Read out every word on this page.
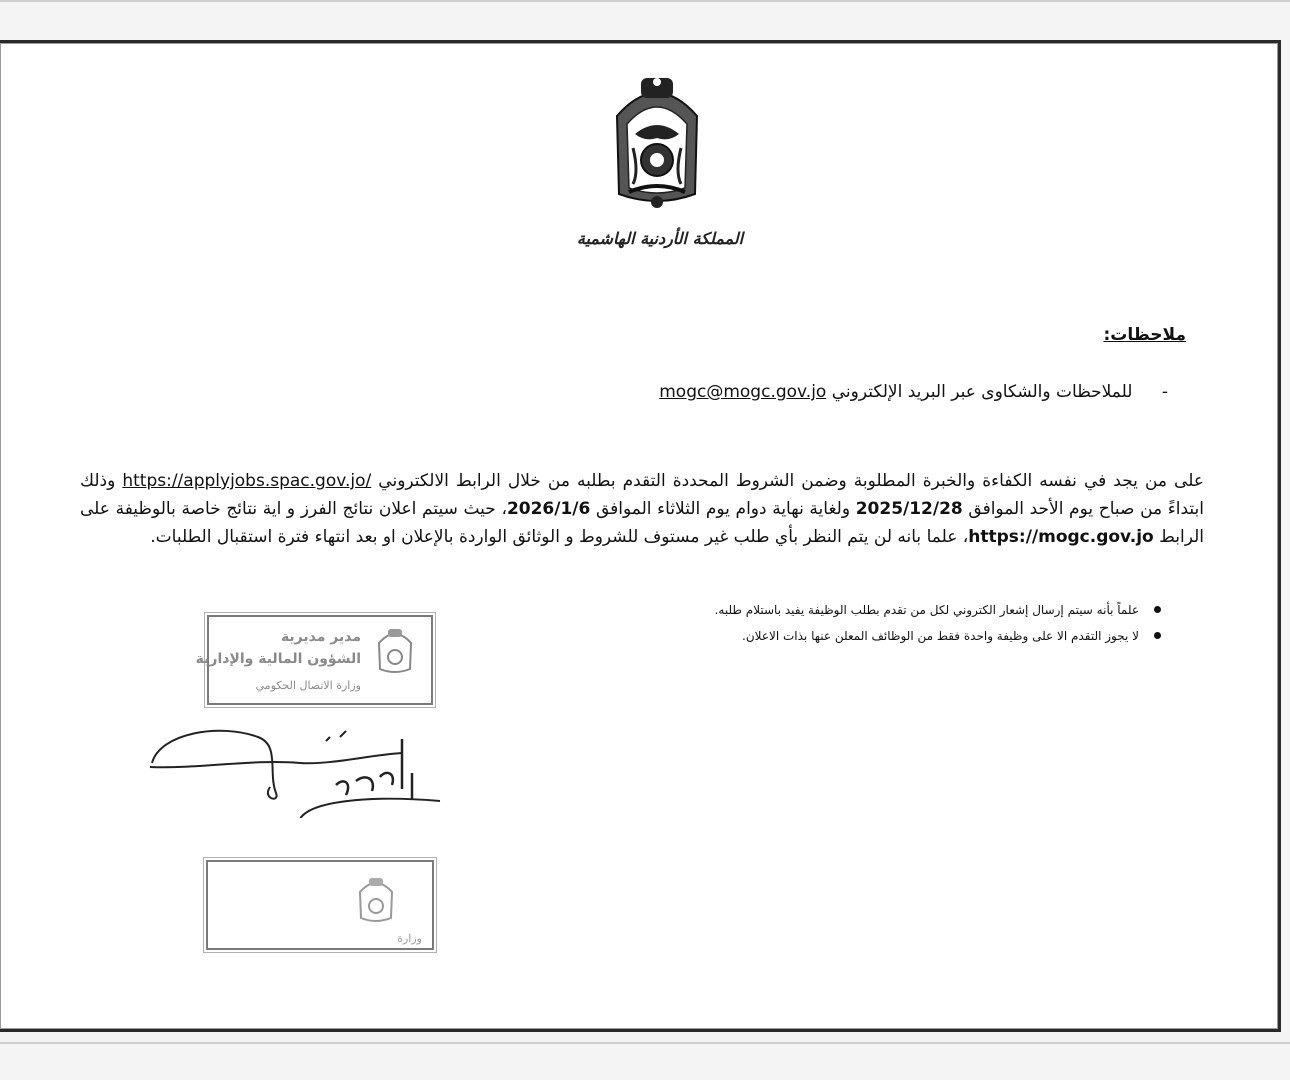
المملكة الأردنية الهاشمية
ملاحظات:
- للملاحظات والشكاوى عبر البريد الإلكتروني mogc@mogc.gov.jo
على من يجد في نفسه الكفاءة والخبرة المطلوبة وضمن الشروط المحددة التقدم بطلبه من خلال الرابط الالكتروني https://applyjobs.spac.gov.jo/ وذلك ابتداءً من صباح يوم الأحد الموافق 2025/12/28 ولغاية نهاية دوام يوم الثلاثاء الموافق 2026/1/6، حيث سيتم اعلان نتائج الفرز و اية نتائج خاصة بالوظيفة على الرابط https://mogc.gov.jo، علما بانه لن يتم النظر بأي طلب غير مستوف للشروط و الوثائق الواردة بالإعلان او بعد انتهاء فترة استقبال الطلبات.
علماً بأنه سيتم إرسال إشعار الكتروني لكل من تقدم بطلب الوظيفة يفيد باستلام طلبه.
لا يجوز التقدم الا على وظيفة واحدة فقط من الوظائف المعلن عنها بذات الاعلان.
مدير مديرية
الشؤون المالية والإدارية
وزارة الاتصال الحكومي
وزارة
